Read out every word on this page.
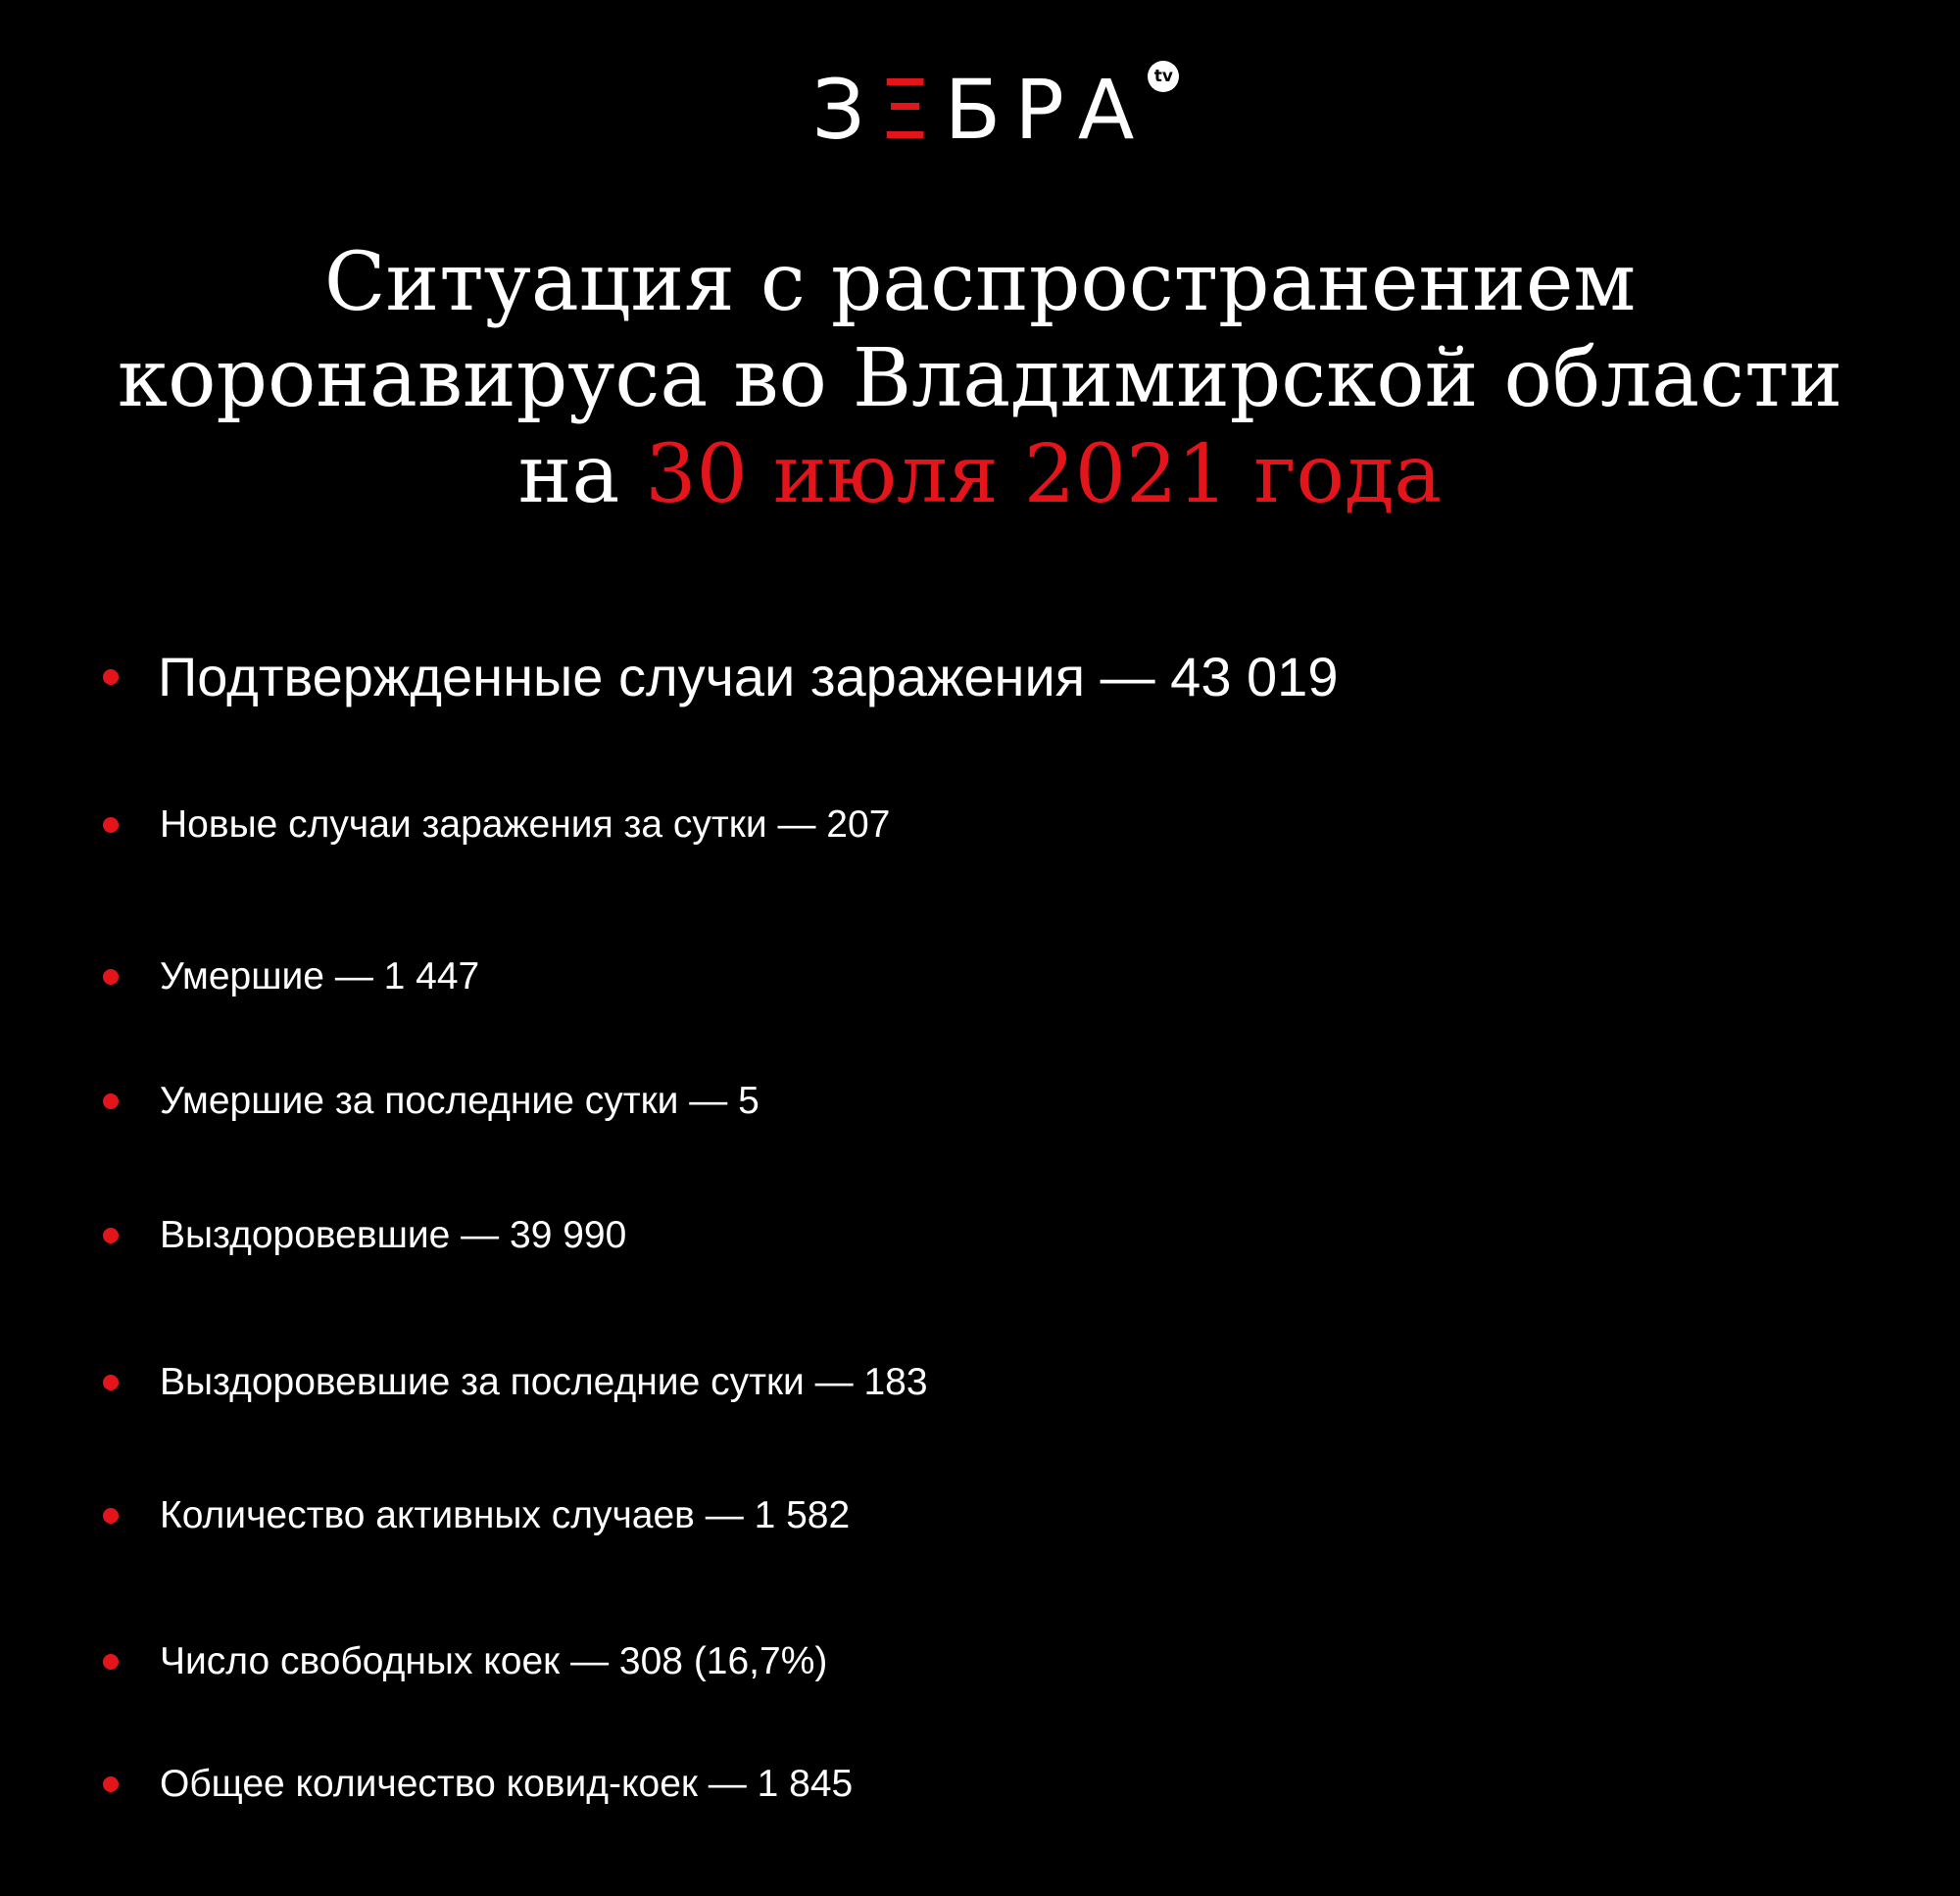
ЗΞБРА tv
Ситуация с распространением
коронавируса во Владимирской области
на 30 июля 2021 года
Подтвержденные случаи заражения — 43 019
Новые случаи заражения за сутки — 207
Умершие — 1 447
Умершие за последние сутки — 5
Выздоровевшие — 39 990
Выздоровевшие за последние сутки — 183
Количество активных случаев — 1 582
Число свободных коек — 308 (16,7%)
Общее количество ковид-коек — 1 845
